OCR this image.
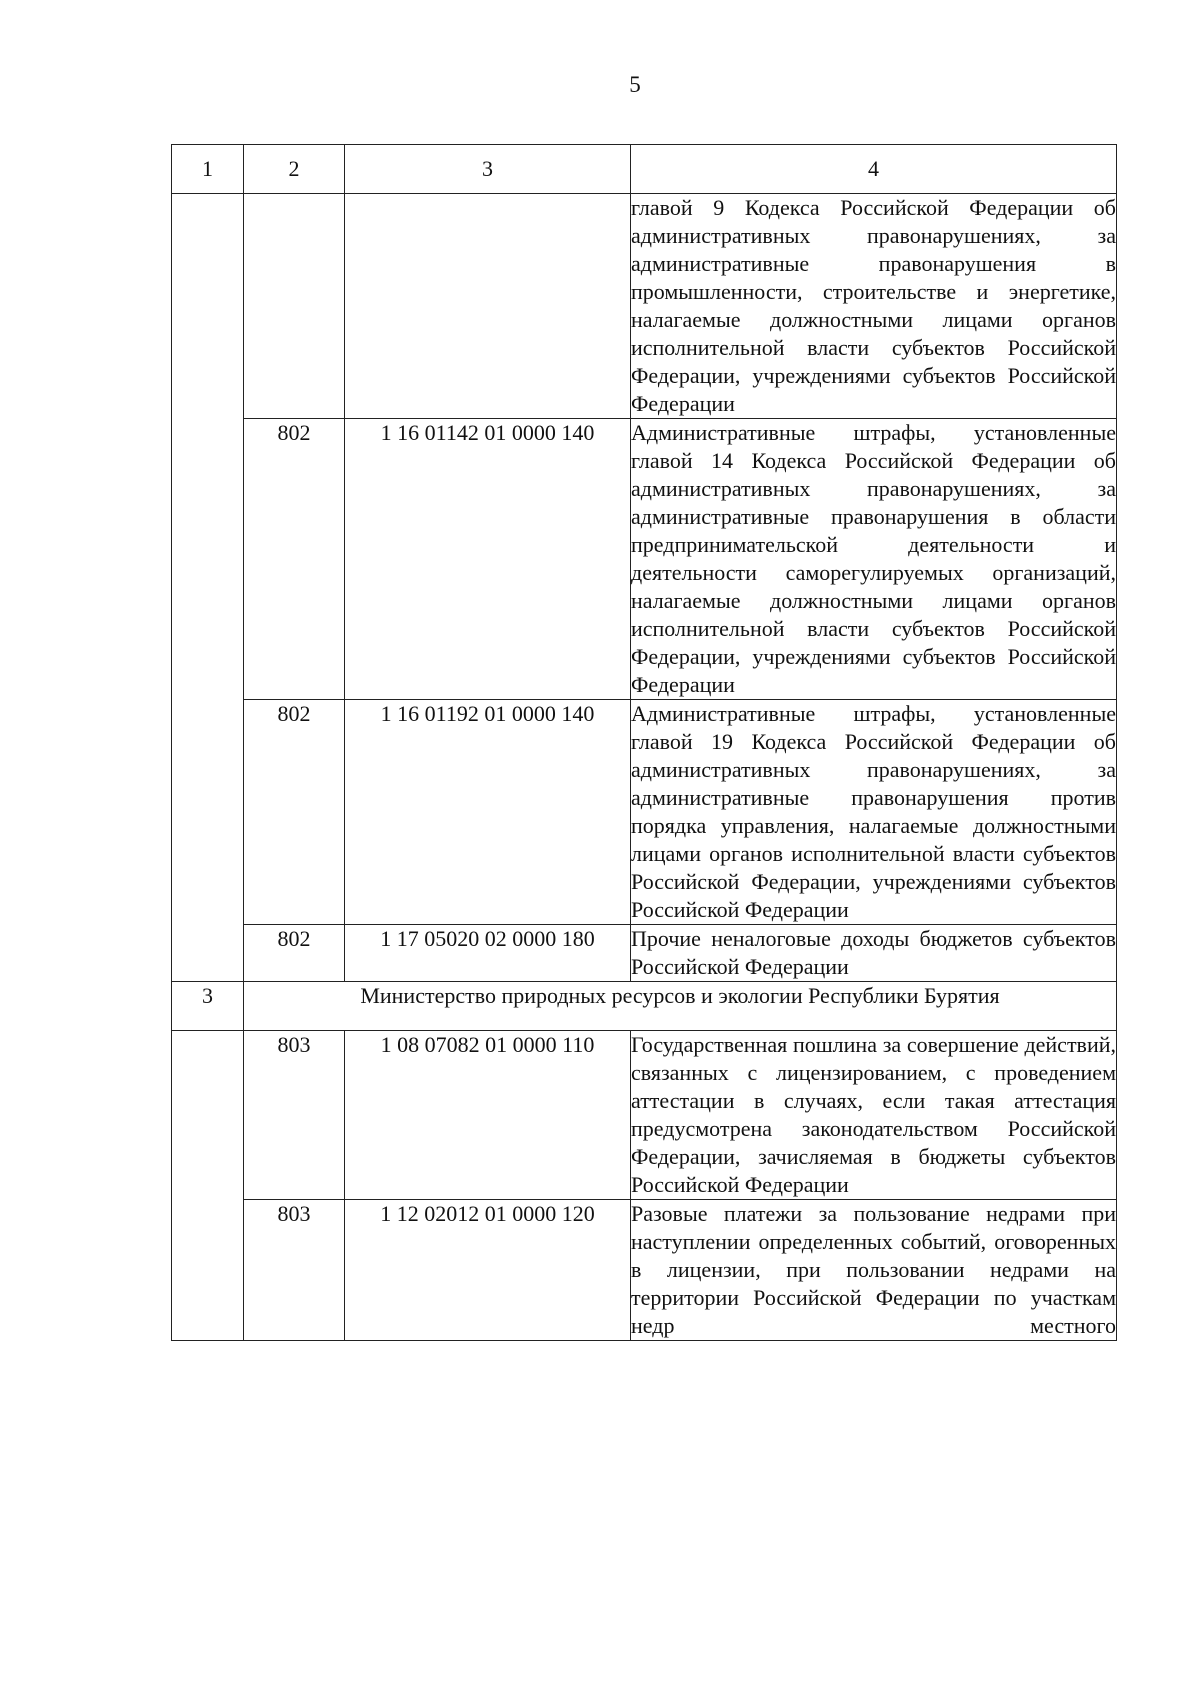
5
1	2	3	4
			главой 9 Кодекса Российской Федерации об административных правонарушениях, за административные правонарушения в промышленности, строительстве и энергетике, налагаемые должностными лицами органов исполнительной власти субъектов Российской Федерации, учреждениями субъектов Российской Федерации
	802	1 16 01142 01 0000 140	Административные штрафы, установленные главой 14 Кодекса Российской Федерации об административных правонарушениях, за административные правонарушения в области предпринимательской деятельности и деятельности саморегулируемых организаций, налагаемые должностными лицами органов исполнительной власти субъектов Российской Федерации, учреждениями субъектов Российской Федерации
	802	1 16 01192 01 0000 140	Административные штрафы, установленные главой 19 Кодекса Российской Федерации об административных правонарушениях, за административные правонарушения против порядка управления, налагаемые должностными лицами органов исполнительной власти субъектов Российской Федерации, учреждениями субъектов Российской Федерации
	802	1 17 05020 02 0000 180	Прочие неналоговые доходы бюджетов субъектов Российской Федерации
3	Министерство природных ресурсов и экологии Республики Бурятия		
	803	1 08 07082 01 0000 110	Государственная пошлина за совершение действий, связанных с лицензированием, с проведением аттестации в случаях, если такая аттестация предусмотрена законодательством Российской Федерации, зачисляемая в бюджеты субъектов Российской Федерации
	803	1 12 02012 01 0000 120	Разовые платежи за пользование недрами при наступлении определенных событий, оговоренных в лицензии, при пользовании недрами на территории Российской Федерации по участкам недр местного
